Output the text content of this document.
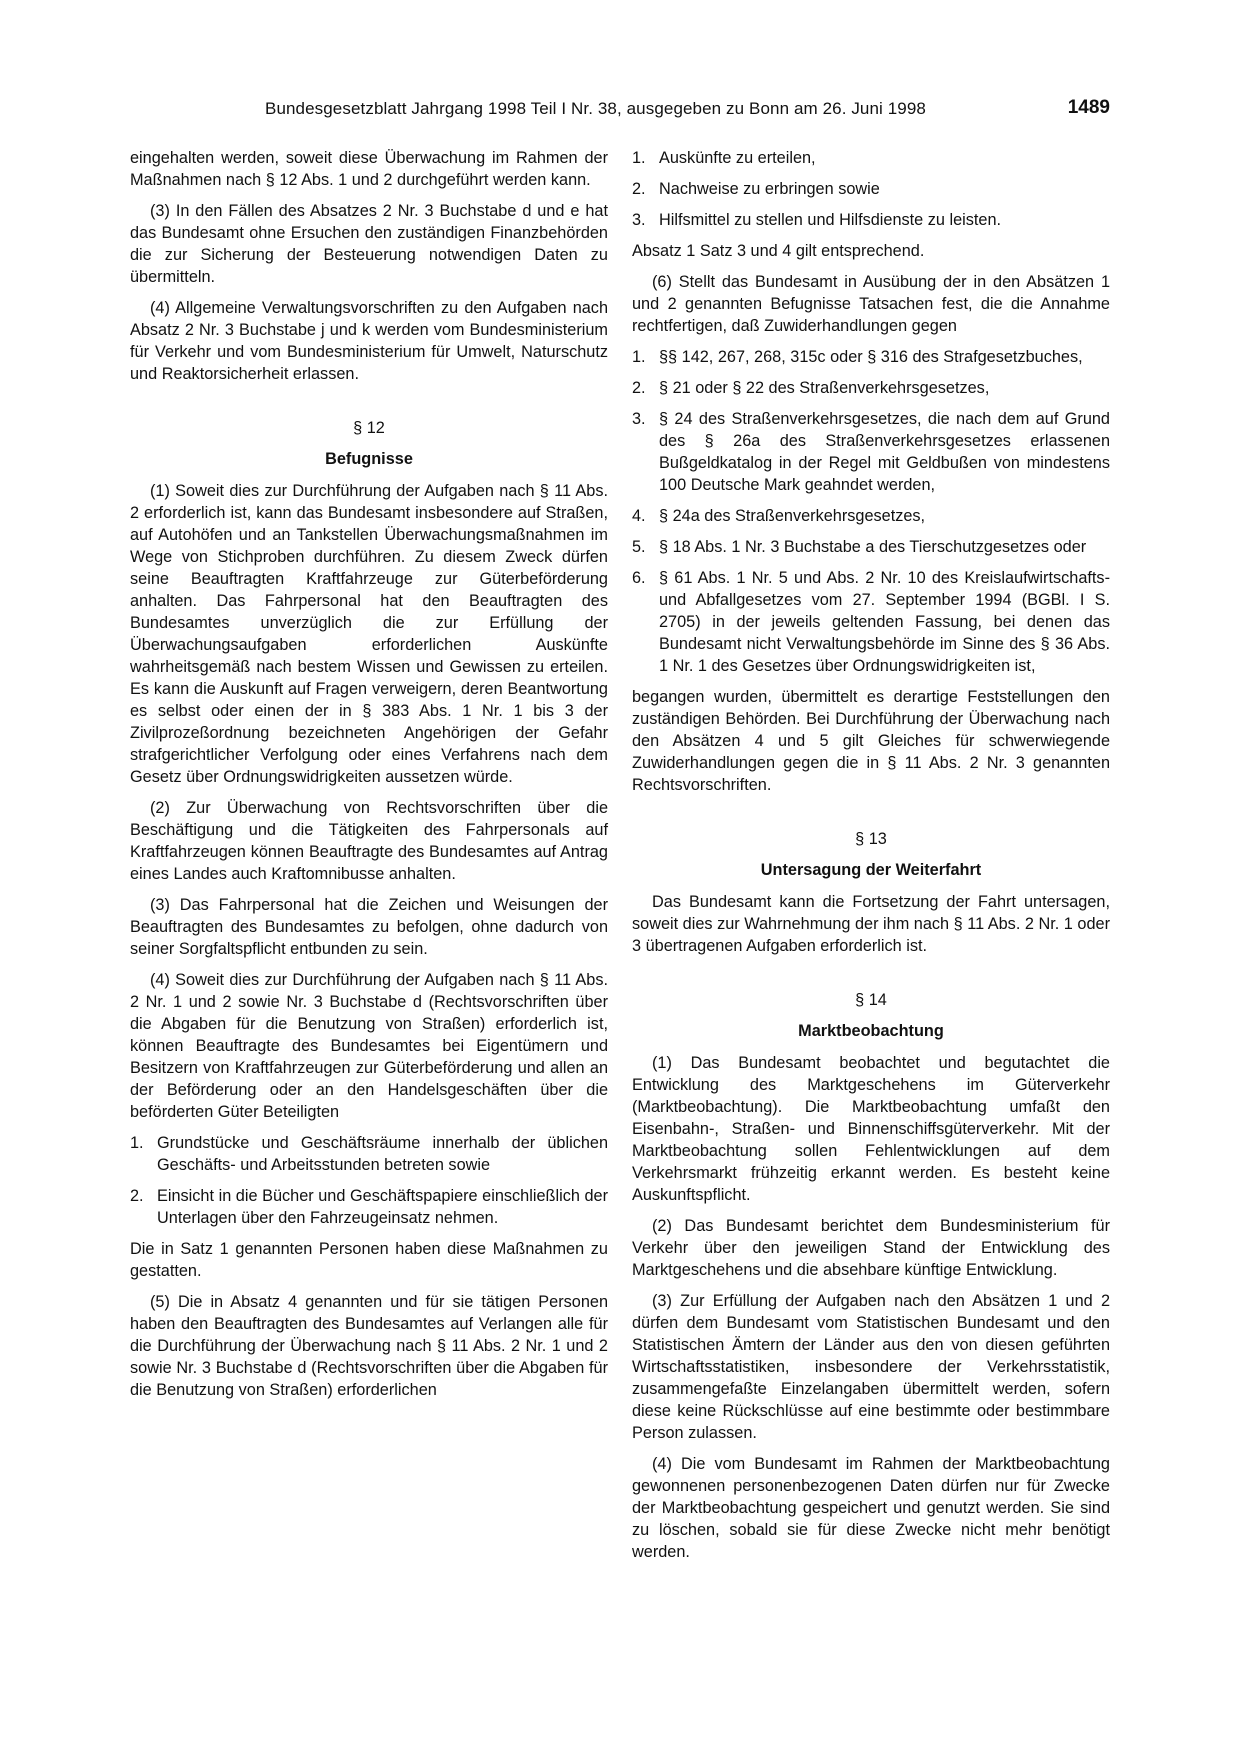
Bundesgesetzblatt Jahrgang 1998 Teil I Nr. 38, ausgegeben zu Bonn am 26. Juni 1998	1489

eingehalten werden, soweit diese Überwachung im Rahmen der Maßnahmen nach § 12 Abs. 1 und 2 durchgeführt werden kann.

(3) In den Fällen des Absatzes 2 Nr. 3 Buchstabe d und e hat das Bundesamt ohne Ersuchen den zuständigen Finanzbehörden die zur Sicherung der Besteuerung notwendigen Daten zu übermitteln.

(4) Allgemeine Verwaltungsvorschriften zu den Aufgaben nach Absatz 2 Nr. 3 Buchstabe j und k werden vom Bundesministerium für Verkehr und vom Bundesministerium für Umwelt, Naturschutz und Reaktorsicherheit erlassen.

§ 12
Befugnisse

(1) Soweit dies zur Durchführung der Aufgaben nach § 11 Abs. 2 erforderlich ist, kann das Bundesamt insbesondere auf Straßen, auf Autohöfen und an Tankstellen Überwachungsmaßnahmen im Wege von Stichproben durchführen. Zu diesem Zweck dürfen seine Beauftragten Kraftfahrzeuge zur Güterbeförderung anhalten. Das Fahrpersonal hat den Beauftragten des Bundesamtes unverzüglich die zur Erfüllung der Überwachungsaufgaben erforderlichen Auskünfte wahrheitsgemäß nach bestem Wissen und Gewissen zu erteilen. Es kann die Auskunft auf Fragen verweigern, deren Beantwortung es selbst oder einen der in § 383 Abs. 1 Nr. 1 bis 3 der Zivilprozeßordnung bezeichneten Angehörigen der Gefahr strafgerichtlicher Verfolgung oder eines Verfahrens nach dem Gesetz über Ordnungswidrigkeiten aussetzen würde.

(2) Zur Überwachung von Rechtsvorschriften über die Beschäftigung und die Tätigkeiten des Fahrpersonals auf Kraftfahrzeugen können Beauftragte des Bundesamtes auf Antrag eines Landes auch Kraftomnibusse anhalten.

(3) Das Fahrpersonal hat die Zeichen und Weisungen der Beauftragten des Bundesamtes zu befolgen, ohne dadurch von seiner Sorgfaltspflicht entbunden zu sein.

(4) Soweit dies zur Durchführung der Aufgaben nach § 11 Abs. 2 Nr. 1 und 2 sowie Nr. 3 Buchstabe d (Rechtsvorschriften über die Abgaben für die Benutzung von Straßen) erforderlich ist, können Beauftragte des Bundesamtes bei Eigentümern und Besitzern von Kraftfahrzeugen zur Güterbeförderung und allen an der Beförderung oder an den Handelsgeschäften über die beförderten Güter Beteiligten

1. Grundstücke und Geschäftsräume innerhalb der üblichen Geschäfts- und Arbeitsstunden betreten sowie
2. Einsicht in die Bücher und Geschäftspapiere einschließlich der Unterlagen über den Fahrzeugeinsatz nehmen.

Die in Satz 1 genannten Personen haben diese Maßnahmen zu gestatten.

(5) Die in Absatz 4 genannten und für sie tätigen Personen haben den Beauftragten des Bundesamtes auf Verlangen alle für die Durchführung der Überwachung nach § 11 Abs. 2 Nr. 1 und 2 sowie Nr. 3 Buchstabe d (Rechtsvorschriften über die Abgaben für die Benutzung von Straßen) erforderlichen

1. Auskünfte zu erteilen,
2. Nachweise zu erbringen sowie
3. Hilfsmittel zu stellen und Hilfsdienste zu leisten.

Absatz 1 Satz 3 und 4 gilt entsprechend.

(6) Stellt das Bundesamt in Ausübung der in den Absätzen 1 und 2 genannten Befugnisse Tatsachen fest, die die Annahme rechtfertigen, daß Zuwiderhandlungen gegen

1. §§ 142, 267, 268, 315c oder § 316 des Strafgesetzbuches,
2. § 21 oder § 22 des Straßenverkehrsgesetzes,
3. § 24 des Straßenverkehrsgesetzes, die nach dem auf Grund des § 26a des Straßenverkehrsgesetzes erlassenen Bußgeldkatalog in der Regel mit Geldbußen von mindestens 100 Deutsche Mark geahndet werden,
4. § 24a des Straßenverkehrsgesetzes,
5. § 18 Abs. 1 Nr. 3 Buchstabe a des Tierschutzgesetzes oder
6. § 61 Abs. 1 Nr. 5 und Abs. 2 Nr. 10 des Kreislaufwirtschafts- und Abfallgesetzes vom 27. September 1994 (BGBl. I S. 2705) in der jeweils geltenden Fassung, bei denen das Bundesamt nicht Verwaltungsbehörde im Sinne des § 36 Abs. 1 Nr. 1 des Gesetzes über Ordnungswidrigkeiten ist,

begangen wurden, übermittelt es derartige Feststellungen den zuständigen Behörden. Bei Durchführung der Überwachung nach den Absätzen 4 und 5 gilt Gleiches für schwerwiegende Zuwiderhandlungen gegen die in § 11 Abs. 2 Nr. 3 genannten Rechtsvorschriften.

§ 13
Untersagung der Weiterfahrt

Das Bundesamt kann die Fortsetzung der Fahrt untersagen, soweit dies zur Wahrnehmung der ihm nach § 11 Abs. 2 Nr. 1 oder 3 übertragenen Aufgaben erforderlich ist.

§ 14
Marktbeobachtung

(1) Das Bundesamt beobachtet und begutachtet die Entwicklung des Marktgeschehens im Güterverkehr (Marktbeobachtung). Die Marktbeobachtung umfaßt den Eisenbahn-, Straßen- und Binnenschiffsgüterverkehr. Mit der Marktbeobachtung sollen Fehlentwicklungen auf dem Verkehrsmarkt frühzeitig erkannt werden. Es besteht keine Auskunftspflicht.

(2) Das Bundesamt berichtet dem Bundesministerium für Verkehr über den jeweiligen Stand der Entwicklung des Marktgeschehens und die absehbare künftige Entwicklung.

(3) Zur Erfüllung der Aufgaben nach den Absätzen 1 und 2 dürfen dem Bundesamt vom Statistischen Bundesamt und den Statistischen Ämtern der Länder aus den von diesen geführten Wirtschaftsstatistiken, insbesondere der Verkehrsstatistik, zusammengefaßte Einzelangaben übermittelt werden, sofern diese keine Rückschlüsse auf eine bestimmte oder bestimmbare Person zulassen.

(4) Die vom Bundesamt im Rahmen der Marktbeobachtung gewonnenen personenbezogenen Daten dürfen nur für Zwecke der Marktbeobachtung gespeichert und genutzt werden. Sie sind zu löschen, sobald sie für diese Zwecke nicht mehr benötigt werden.
